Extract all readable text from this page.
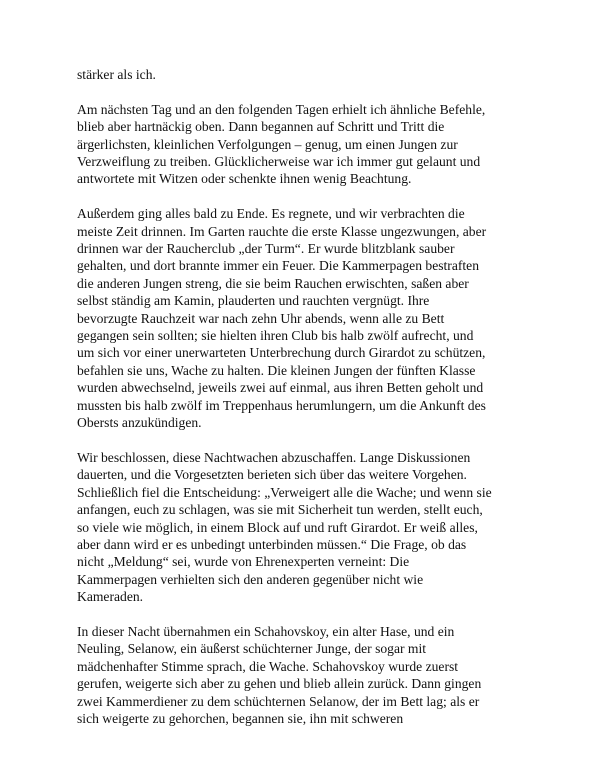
stärker als ich.
Am nächsten Tag und an den folgenden Tagen erhielt ich ähnliche Befehle,
blieb aber hartnäckig oben. Dann begannen auf Schritt und Tritt die
ärgerlichsten, kleinlichen Verfolgungen – genug, um einen Jungen zur
Verzweiflung zu treiben. Glücklicherweise war ich immer gut gelaunt und
antwortete mit Witzen oder schenkte ihnen wenig Beachtung.
Außerdem ging alles bald zu Ende. Es regnete, und wir verbrachten die
meiste Zeit drinnen. Im Garten rauchte die erste Klasse ungezwungen, aber
drinnen war der Raucherclub „der Turm“. Er wurde blitzblank sauber
gehalten, und dort brannte immer ein Feuer. Die Kammerpagen bestraften
die anderen Jungen streng, die sie beim Rauchen erwischten, saßen aber
selbst ständig am Kamin, plauderten und rauchten vergnügt. Ihre
bevorzugte Rauchzeit war nach zehn Uhr abends, wenn alle zu Bett
gegangen sein sollten; sie hielten ihren Club bis halb zwölf aufrecht, und
um sich vor einer unerwarteten Unterbrechung durch Girardot zu schützen,
befahlen sie uns, Wache zu halten. Die kleinen Jungen der fünften Klasse
wurden abwechselnd, jeweils zwei auf einmal, aus ihren Betten geholt und
mussten bis halb zwölf im Treppenhaus herumlungern, um die Ankunft des
Obersts anzukündigen.
Wir beschlossen, diese Nachtwachen abzuschaffen. Lange Diskussionen
dauerten, und die Vorgesetzten berieten sich über das weitere Vorgehen.
Schließlich fiel die Entscheidung: „Verweigert alle die Wache; und wenn sie
anfangen, euch zu schlagen, was sie mit Sicherheit tun werden, stellt euch,
so viele wie möglich, in einem Block auf und ruft Girardot. Er weiß alles,
aber dann wird er es unbedingt unterbinden müssen.“ Die Frage, ob das
nicht „Meldung“ sei, wurde von Ehrenexperten verneint: Die
Kammerpagen verhielten sich den anderen gegenüber nicht wie
Kameraden.
In dieser Nacht übernahmen ein Schahovskoy, ein alter Hase, und ein
Neuling, Selanow, ein äußerst schüchterner Junge, der sogar mit
mädchenhafter Stimme sprach, die Wache. Schahovskoy wurde zuerst
gerufen, weigerte sich aber zu gehen und blieb allein zurück. Dann gingen
zwei Kammerdiener zu dem schüchternen Selanow, der im Bett lag; als er
sich weigerte zu gehorchen, begannen sie, ihn mit schweren
